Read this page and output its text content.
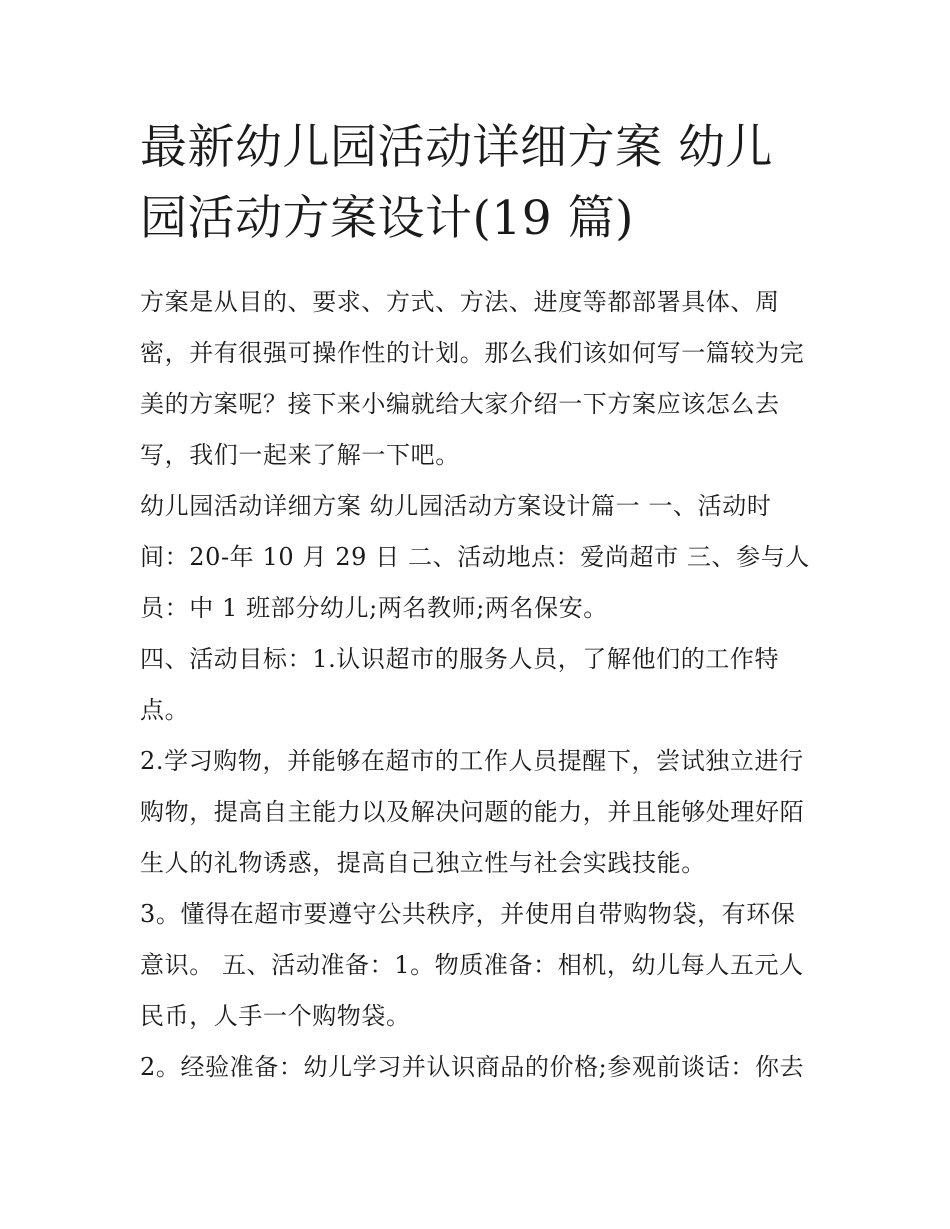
最新幼儿园活动详细方案 幼儿
园活动方案设计(19 篇)

方案是从目的、要求、方式、方法、进度等都部署具体、周
密，并有很强可操作性的计划。那么我们该如何写一篇较为完
美的方案呢？接下来小编就给大家介绍一下方案应该怎么去
写，我们一起来了解一下吧。

幼儿园活动详细方案 幼儿园活动方案设计篇一 一、活动时
间：20-年 10 月 29 日 二、活动地点：爱尚超市 三、参与人
员：中 1 班部分幼儿;两名教师;两名保安。

四、活动目标：1.认识超市的服务人员，了解他们的工作特
点。

2.学习购物，并能够在超市的工作人员提醒下，尝试独立进行
购物，提高自主能力以及解决问题的能力，并且能够处理好陌
生人的礼物诱惑，提高自己独立性与社会实践技能。

3。懂得在超市要遵守公共秩序，并使用自带购物袋，有环保
意识。 五、活动准备：1。物质准备：相机，幼儿每人五元人
民币，人手一个购物袋。

2。经验准备：幼儿学习并认识商品的价格;参观前谈话：你去
